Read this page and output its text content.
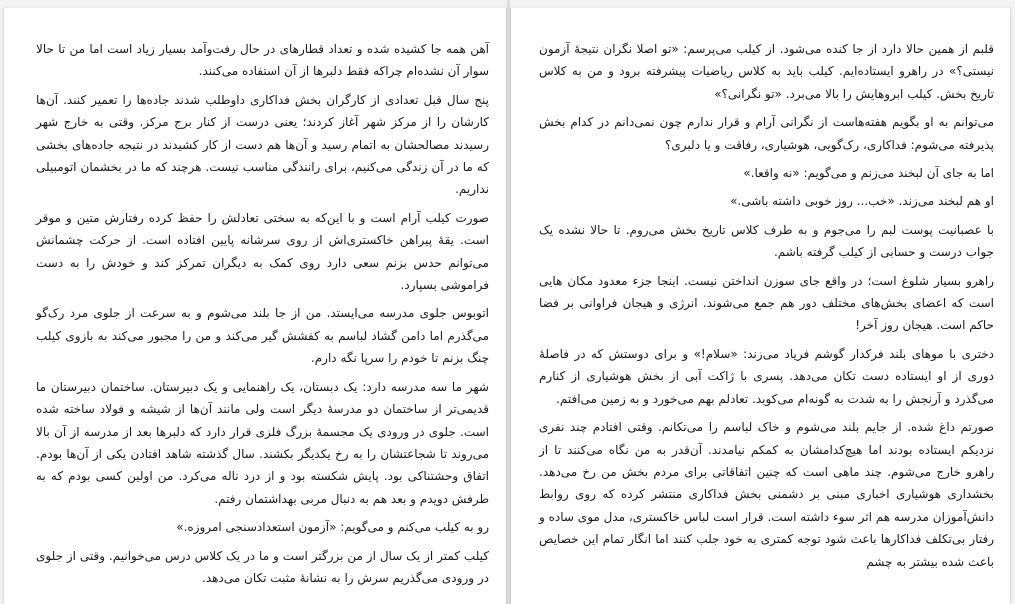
آهن همه جا کشیده شده و تعداد قطارهای در حال رفت‌وآمد بسیار زیاد است اما من تا حالا سوار آن نشده‌ام چراکه فقط دلبرها از آن استفاده می‌کنند.

پنج سال قبل تعدادی از کارگران بخش فداکاری داوطلب شدند جاده‌ها را تعمیر کنند. آن‌ها کارشان را از مرکز شهر آغاز کردند؛ یعنی درست از کنار برج مرکز. وقتی به خارج شهر رسیدند مصالحشان به اتمام رسید و آن‌ها هم دست از کار کشیدند در نتیجه جاده‌های بخشی که ما در آن زندگی می‌کنیم، برای رانندگی مناسب نیست. هرچند که ما در بخشمان اتومبیلی نداریم.

صورت کیلب آرام است و با این‌که به سختی تعادلش را حفظ کرده رفتارش متین و موقر است. یقهٔ پیراهن خاکستری‌اش از روی سرشانه پایین افتاده است. از حرکت چشمانش می‌توانم حدس بزنم سعی دارد روی کمک به دیگران تمرکز کند و خودش را به دست فراموشی بسپارد.

اتوبوس جلوی مدرسه می‌ایستد. من از جا بلند می‌شوم و به سرعت از جلوی مرد رک‌گو می‌گذرم اما دامن گشاد لباسم به کفشش گیر می‌کند و من را مجبور می‌کند به بازوی کیلب چنگ بزنم تا خودم را سرپا نگه دارم.

شهر ما سه مدرسه دارد: یک دبستان، یک راهنمایی و یک دبیرستان. ساختمان دبیرستان ما قدیمی‌تر از ساختمان دو مدرسهٔ دیگر است ولی مانند آن‌ها از شیشه و فولاد ساخته شده است. جلوی در ورودی یک مجسمهٔ بزرگ فلزی قرار دارد که دلبرها بعد از مدرسه از آن بالا می‌روند تا شجاعتشان را به رخ یکدیگر بکشند. سال گذشته شاهد افتادن یکی از آن‌ها بودم. اتفاق وحشتناکی بود. پایش شکسته بود و از درد ناله می‌کرد. من اولین کسی بودم که به طرفش دویدم و بعد هم به دنبال مربی بهداشتمان رفتم.

رو به کیلب می‌کنم و می‌گویم: «آزمون استعدادسنجی امروزه.»

کیلب کمتر از یک سال از من بزرگتر است و ما در یک کلاس درس می‌خوانیم. وقتی از جلوی در ورودی می‌گذریم سرش را به نشانهٔ مثبت تکان می‌دهد.

قلبم از همین حالا دارد از جا کنده می‌شود. از کیلب می‌پرسم: «تو اصلا نگران نتیجهٔ آزمون نیستی؟» در راهرو ایستاده‌ایم. کیلب باید به کلاس ریاضیات پیشرفته برود و من به کلاس تاریخ بخش. کیلب ابروهایش را بالا می‌برد. «تو نگرانی؟»

می‌توانم به او بگویم هفته‌هاست از نگرانی آرام و قرار ندارم چون نمی‌دانم در کدام بخش پذیرفته می‌شوم: فداکاری، رک‌گویی، هوشیاری، رفاقت و یا دلبری؟

اما به جای آن لبخند می‌زنم و می‌گویم: «نه واقعا.»

او هم لبخند می‌زند. «خب... روز خوبی داشته باشی.»

با عصبانیت پوست لبم را می‌جوم و به طرف کلاس تاریخ بخش می‌روم. تا حالا نشده یک جواب درست و حسابی از کیلب گرفته باشم.

راهرو بسیار شلوغ است؛ در واقع جای سوزن انداختن نیست. اینجا جزء معدود مکان هایی است که اعضای بخش‌های مختلف دور هم جمع می‌شوند. انرژی و هیجان فراوانی بر فضا حاکم است. هیجان روز آخر!

دختری با موهای بلند فرکدار گوشم فریاد می‌زند: «سلام!» و برای دوستش که در فاصلهٔ دوری از او ایستاده دست تکان می‌دهد. پسری با ژاکت آبی از بخش هوشیاری از کنارم می‌گذرد و آرنجش را به شدت به گونه‌ام می‌کوبد. تعادلم بهم می‌خورد و به زمین می‌افتم.

صورتم داغ شده. از جایم بلند می‌شوم و خاک لباسم را می‌تکانم. وقتی افتادم چند نفری نزدیکم ایستاده بودند اما هیچ‌کدامشان به کمکم نیامدند. آن‌قدر به من نگاه می‌کنند تا از راهرو خارج می‌شوم. چند ماهی است که چنین اتفاقاتی برای مردم بخش من رخ می‌دهد. بخشداری هوشیاری اخباری مبنی بر دشمنی بخش فداکاری منتشر کرده که روی روابط دانش‌آموزان مدرسه هم اثر سوء داشته است. قرار است لباس خاکستری، مدل موی ساده و رفتار بی‌تکلف فداکارها باعث شود توجه کمتری به خود جلب کنند اما انگار تمام این خصایص باعث شده بیشتر به چشم
